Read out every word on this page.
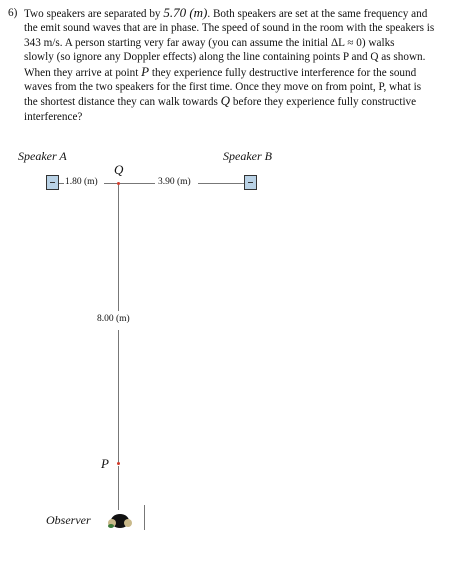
6) Two speakers are separated by 5.70 (m). Both speakers are set at the same frequency and
the emit sound waves that are in phase. The speed of sound in the room with the speakers is
343 m/s. A person starting very far away (you can assume the initial ΔL ≈ 0) walks
slowly (so ignore any Doppler effects) along the line containing points P and Q as shown.
When they arrive at point P they experience fully destructive interference for the sound
waves from the two speakers for the first time. Once they move on from point, P, what is
the shortest distance they can walk towards Q before they experience fully constructive
interference?
Speaker A	Speaker B
Q
1.80 (m)	3.90 (m)
8.00 (m)
P
Observer
